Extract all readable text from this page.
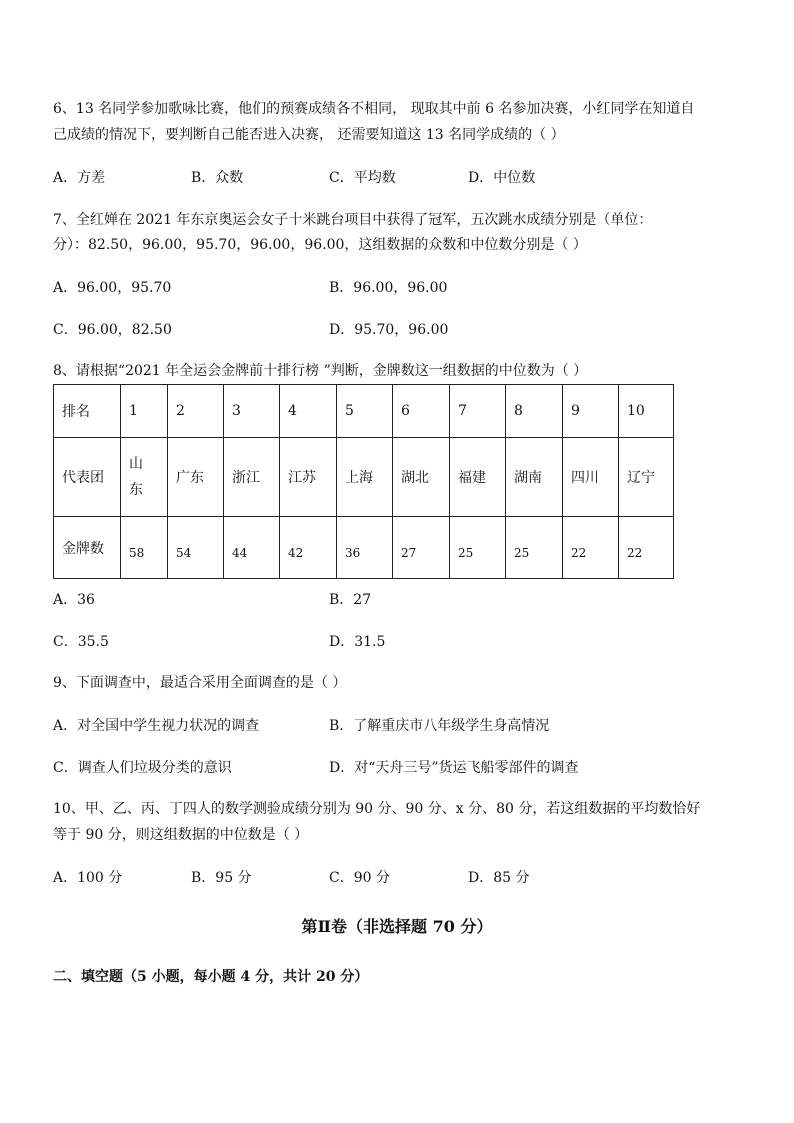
6、13 名同学参加歌咏比赛，他们的预赛成绩各不相同， 现取其中前 6 名参加决赛，小红同学在知道自
己成绩的情况下，要判断自己能否进入决赛， 还需要知道这 13 名同学成绩的（ ）
A．方差	B．众数	C．平均数	D．中位数
7、全红婵在 2021 年东京奥运会女子十米跳台项目中获得了冠军，五次跳水成绩分别是（单位：
分）：82.50，96.00，95.70，96.00，96.00，这组数据的众数和中位数分别是（ ）
A．96.00，95.70	B．96.00，96.00
C．96.00，82.50	D．95.70，96.00
8、请根据“2021 年全运会金牌前十排行榜 ”判断，金牌数这一组数据的中位数为（ ）
排名	1	2	3	4	5	6	7	8	9	10
代表团	山东	广东	浙江	江苏	上海	湖北	福建	湖南	四川	辽宁
金牌数	58	54	44	42	36	27	25	25	22	22
A．36	B．27
C．35.5	D．31.5
9、下面调查中，最适合采用全面调查的是（ ）
A．对全国中学生视力状况的调查	B．了解重庆市八年级学生身高情况
C．调查人们垃圾分类的意识	D．对“天舟三号”货运飞船零部件的调查
10、甲、乙、丙、丁四人的数学测验成绩分别为 90 分、90 分、x 分、80 分，若这组数据的平均数恰好
等于 90 分，则这组数据的中位数是（ ）
A．100 分	B．95 分	C．90 分	D．85 分
第Ⅱ卷（非选择题 70 分）
二、填空题（5 小题，每小题 4 分，共计 20 分）
